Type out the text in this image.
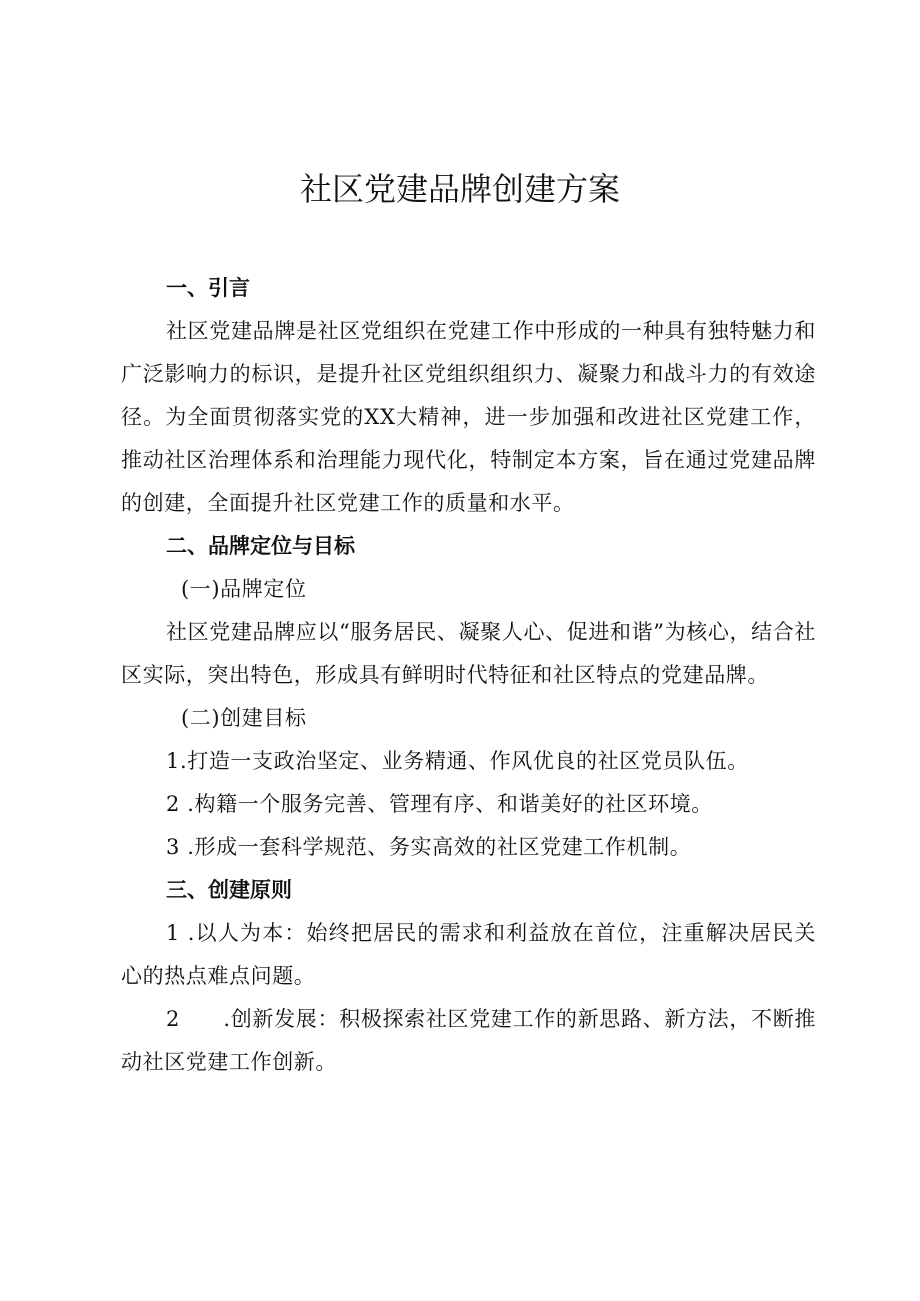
社区党建品牌创建方案

一、引言

社区党建品牌是社区党组织在党建工作中形成的一种具有独特魅力和广泛影响力的标识，是提升社区党组织组织力、凝聚力和战斗力的有效途径。为全面贯彻落实党的XX大精神，进一步加强和改进社区党建工作，推动社区治理体系和治理能力现代化，特制定本方案，旨在通过党建品牌的创建，全面提升社区党建工作的质量和水平。

二、品牌定位与目标

(一)品牌定位

社区党建品牌应以“服务居民、凝聚人心、促进和谐”为核心，结合社区实际，突出特色，形成具有鲜明时代特征和社区特点的党建品牌。

(二)创建目标

1.打造一支政治坚定、业务精通、作风优良的社区党员队伍。

2 .构籍一个服务完善、管理有序、和谐美好的社区环境。

3 .形成一套科学规范、务实高效的社区党建工作机制。

三、创建原则

1 .以人为本：始终把居民的需求和利益放在首位，注重解决居民关心的热点难点问题。

2　　.创新发展：积极探索社区党建工作的新思路、新方法，不断推动社区党建工作创新。
